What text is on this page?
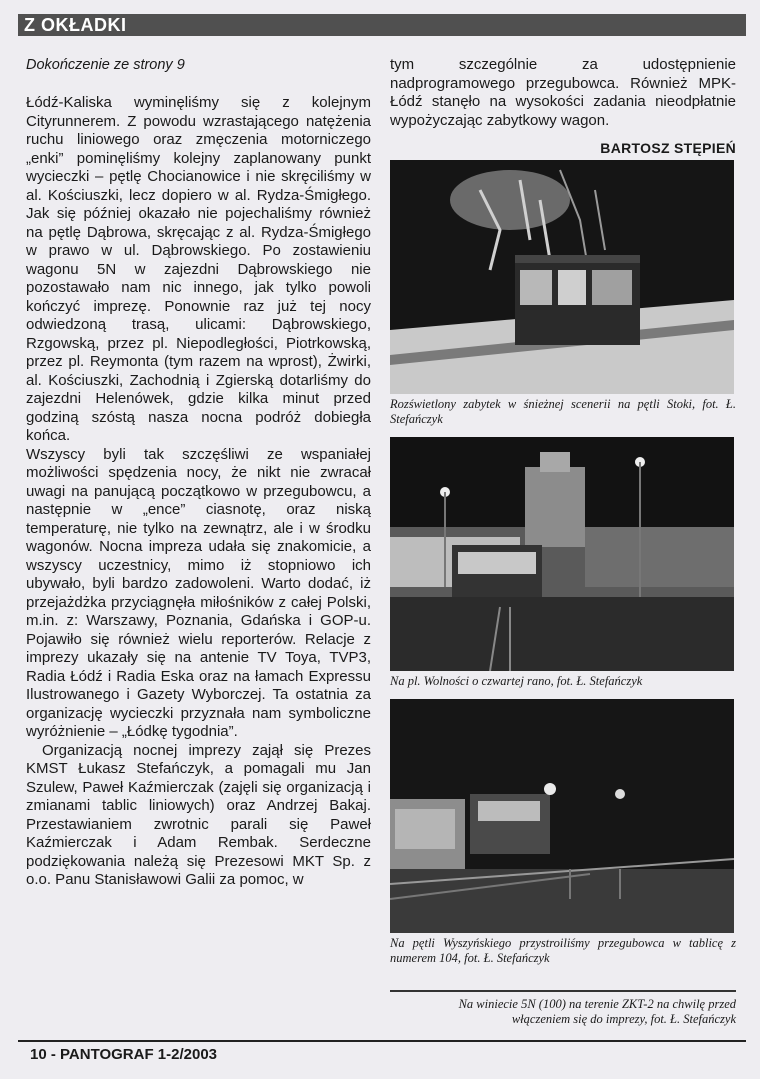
Z OKŁADKI

Dokończenie ze strony 9

Łódź-Kaliska wyminęliśmy się z kolejnym Cityrunnerem. Z powodu wzrastającego natężenia ruchu liniowego oraz zmęczenia motorniczego „enki” pominęliśmy kolejny zaplanowany punkt wycieczki – pętlę Chocianowice i nie skręciliśmy w al. Kościuszki, lecz dopiero w al. Rydza-Śmigłego. Jak się później okazało nie pojechaliśmy również na pętlę Dąbrowa, skręcając z al. Rydza-Śmigłego w prawo w ul. Dąbrowskiego. Po zostawieniu wagonu 5N w zajezdni Dąbrowskiego nie pozostawało nam nic innego, jak tylko powoli kończyć imprezę. Ponownie raz już tej nocy odwiedzoną trasą, ulicami: Dąbrowskiego, Rzgowską, przez pl. Niepodległości, Piotrkowską, przez pl. Reymonta (tym razem na wprost), Żwirki, al. Kościuszki, Zachodnią i Zgierską dotarliśmy do zajezdni Helenówek, gdzie kilka minut przed godziną szóstą nasza nocna podróż dobiegła końca.

Wszyscy byli tak szczęśliwi ze wspaniałej możliwości spędzenia nocy, że nikt nie zwracał uwagi na panującą początkowo w przegubowcu, a następnie w „ence” ciasnotę, oraz niską temperaturę, nie tylko na zewnątrz, ale i w środku wagonów. Nocna impreza udała się znakomicie, a wszyscy uczestnicy, mimo iż stopniowo ich ubywało, byli bardzo zadowoleni. Warto dodać, iż przejażdżka przyciągnęła miłośników z całej Polski, m.in. z: Warszawy, Poznania, Gdańska i GOP-u. Pojawiło się również wielu reporterów. Relacje z imprezy ukazały się na antenie TV Toya, TVP3, Radia Łódź i Radia Eska oraz na łamach Expressu Ilustrowanego i Gazety Wyborczej. Ta ostatnia za organizację wycieczki przyznała nam symboliczne wyróżnienie – „Łódkę tygodnia”.

Organizacją nocnej imprezy zajął się Prezes KMST Łukasz Stefańczyk, a pomagali mu Jan Szulew, Paweł Kaźmierczak (zajęli się organizacją i zmianami tablic liniowych) oraz Andrzej Bakaj. Przestawianiem zwrotnic parali się Paweł Kaźmierczak i Adam Rembak. Serdeczne podziękowania należą się Prezesowi MKT Sp. z o.o. Panu Stanisławowi Galii za pomoc, w

tym szczególnie za udostępnienie nadprogramowego przegubowca. Również MPK-Łódź stanęło na wysokości zadania nieodpłatnie wypożyczając zabytkowy wagon.

BARTOSZ STĘPIEŃ

Rozświetlony zabytek w śnieżnej scenerii na pętli Stoki, fot. Ł. Stefańczyk

Na pl. Wolności o czwartej rano, fot. Ł. Stefańczyk

Na pętli Wyszyńskiego przystroiliśmy przegubowca w tablicę z numerem 104, fot. Ł. Stefańczyk

Na winiecie 5N (100) na terenie ZKT-2 na chwilę przed włączeniem się do imprezy, fot. Ł. Stefańczyk

10 - PANTOGRAF 1-2/2003
